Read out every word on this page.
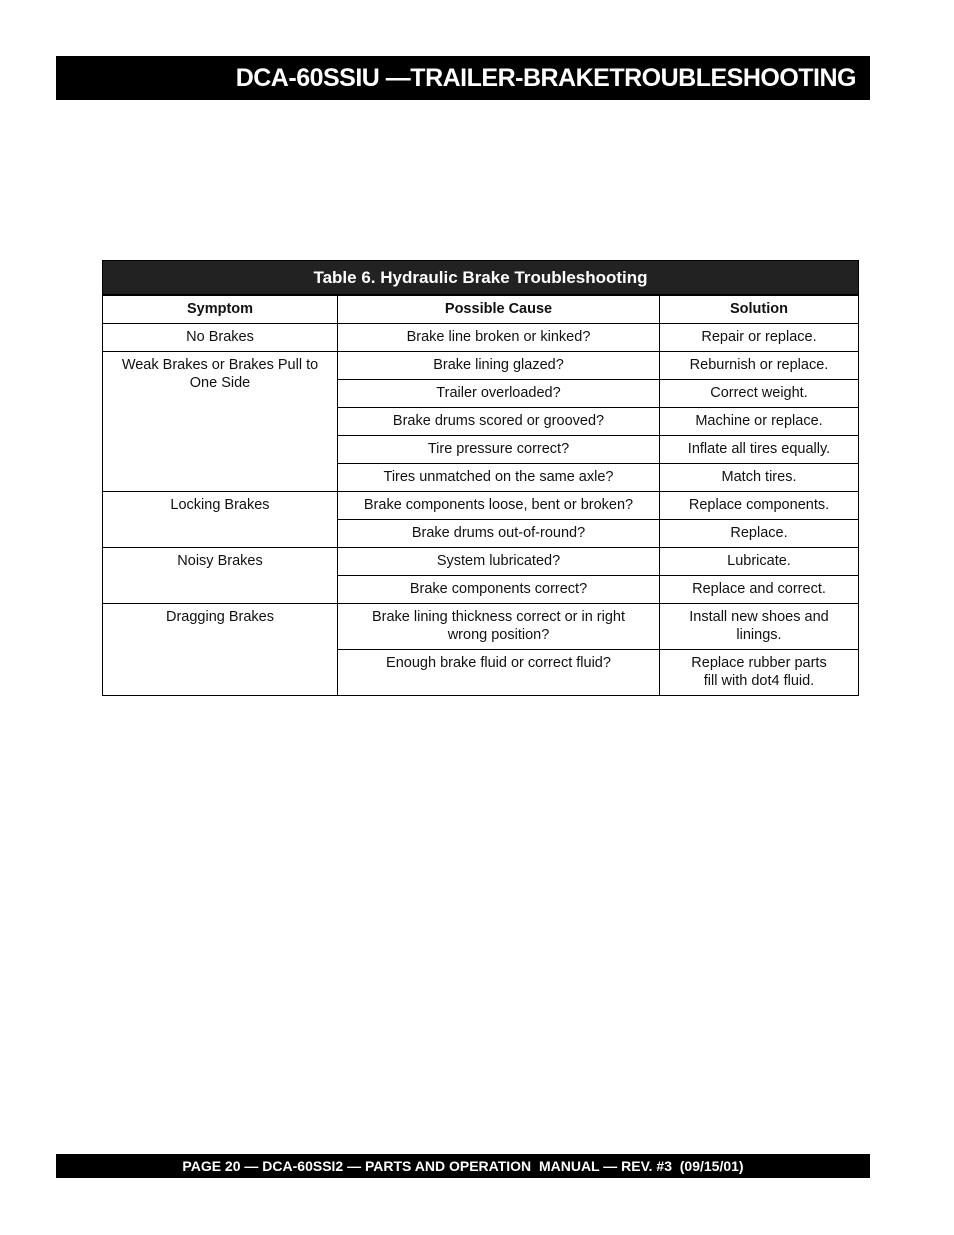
DCA-60SSIU —TRAILER-BRAKETROUBLESHOOTING
Table 6. Hydraulic Brake Troubleshooting
Symptom	Possible Cause	Solution
No Brakes	Brake line broken or kinked?	Repair or replace.
Weak Brakes or Brakes Pull to One Side	Brake lining glazed?	Reburnish or replace.
	Trailer overloaded?	Correct weight.
	Brake drums scored or grooved?	Machine or replace.
	Tire pressure correct?	Inflate all tires equally.
	Tires unmatched on the same axle?	Match tires.
Locking Brakes	Brake components loose, bent or broken?	Replace components.
	Brake drums out-of-round?	Replace.
Noisy Brakes	System lubricated?	Lubricate.
	Brake components correct?	Replace and correct.
Dragging Brakes	Brake lining thickness correct or in right wrong position?	Install new shoes and linings.
	Enough brake fluid or correct fluid?	Replace rubber parts fill with dot4 fluid.
PAGE 20 — DCA-60SSI2 — PARTS AND OPERATION  MANUAL — REV. #3  (09/15/01)
